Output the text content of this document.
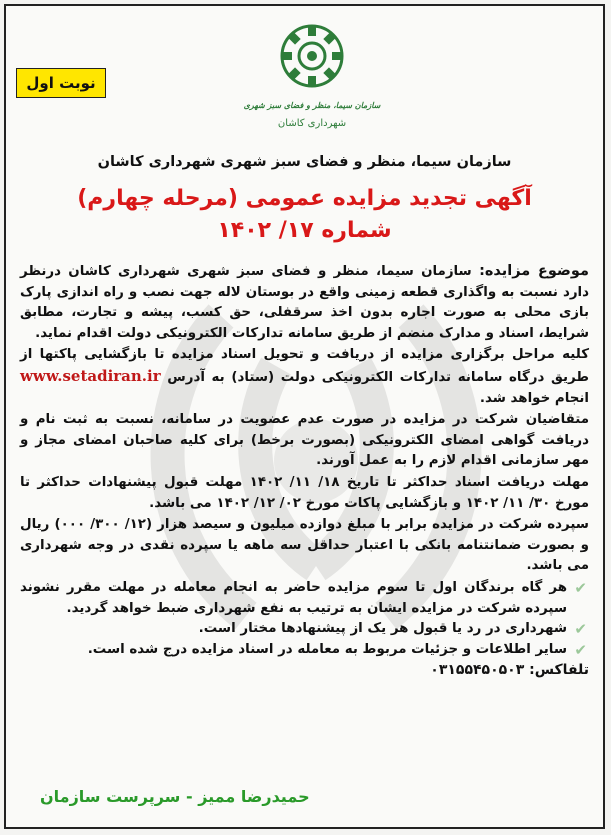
نوبت اول
سازمان سیما، منظر و فضای سبز شهری
شهرداری کاشان
سازمان سیما، منظر و فضای سبز شهری شهرداری کاشان
آگهی تجدید مزایده عمومی (مرحله چهارم)
شماره ۱۷/ ۱۴۰۲

موضوع مزایده: سازمان سیما، منظر و فضای سبز شهری شهرداری کاشان درنظر دارد نسبت به واگذاری قطعه زمینی واقع در بوستان لاله جهت نصب و راه اندازی پارک بازی محلی به صورت اجاره بدون اخذ سرقفلی، حق کسب، پیشه و تجارت، مطابق شرایط، اسناد و مدارک منضم از طریق سامانه تدارکات الکترونیکی دولت اقدام نماید.

کلیه مراحل برگزاری مزایده از دریافت و تحویل اسناد مزایده تا بازگشایی پاکتها از طریق درگاه سامانه تدارکات الکترونیکی دولت (ستاد) به آدرس www.setadiran.ir انجام خواهد شد.

متقاضیان شرکت در مزایده در صورت عدم عضویت در سامانه، نسبت به ثبت نام و دریافت گواهی امضای الکترونیکی (بصورت برخط) برای کلیه صاحبان امضای مجاز و مهر سازمانی اقدام لازم را به عمل آورند.

مهلت دریافت اسناد حداکثر تا تاریخ ۱۸/ ۱۱/ ۱۴۰۲ مهلت قبول پیشنهادات حداکثر تا مورخ ۳۰/ ۱۱/ ۱۴۰۲ و بازگشایی پاکات مورخ ۰۲/ ۱۲/ ۱۴۰۲ می باشد.

سپرده شرکت در مزایده برابر با مبلغ دوازده میلیون و سیصد هزار (۱۲/ ۳۰۰/ ۰۰۰) ریال و بصورت ضمانتنامه بانکی با اعتبار حداقل سه ماهه یا سپرده نقدی در وجه شهرداری می باشد.

✔
هر گاه برندگان اول تا سوم مزایده حاضر به انجام معامله در مهلت مقرر نشوند سپرده شرکت در مزایده ایشان به ترتیب به نفع شهرداری ضبط خواهد گردید.
✔
شهرداری در رد یا قبول هر یک از پیشنهادها مختار است.
✔
سایر اطلاعات و جزئیات مربوط به معامله در اسناد مزایده درج شده است.

تلفاکس: ۰۳۱۵۵۴۵۰۵۰۳

حمیدرضا ممیز - سرپرست سازمان
